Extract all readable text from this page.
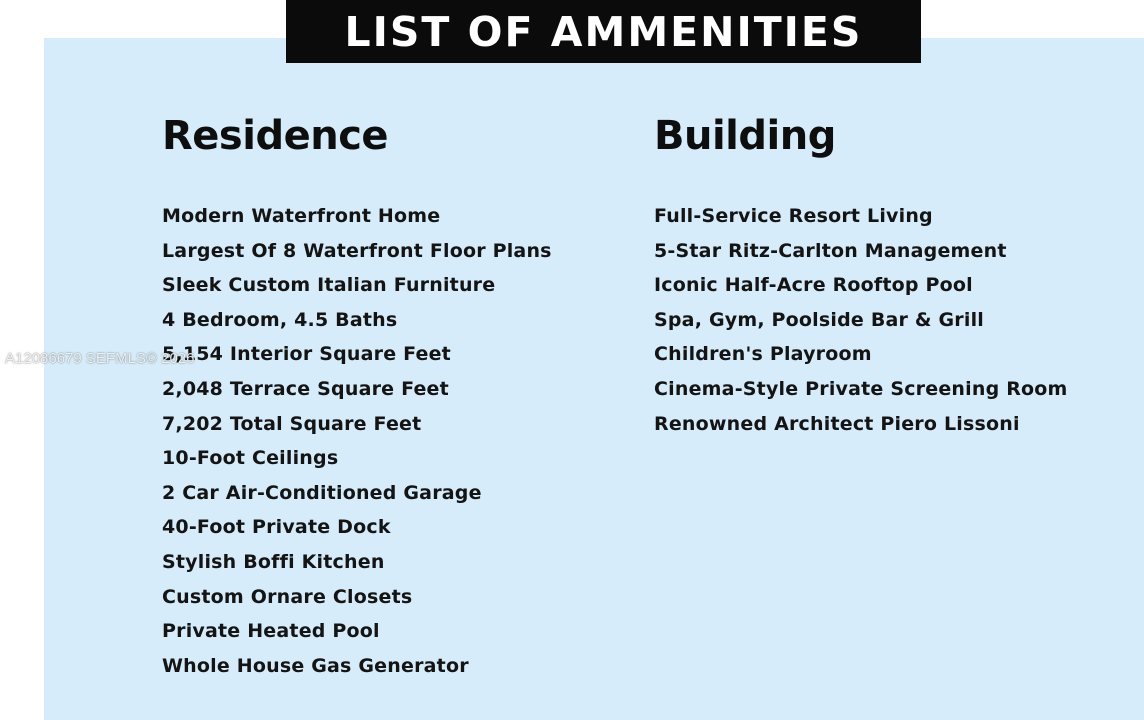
LIST OF AMMENITIES
Residence
Modern Waterfront Home
Largest Of 8 Waterfront Floor Plans
Sleek Custom Italian Furniture
4 Bedroom, 4.5 Baths
5,154 Interior Square Feet
2,048 Terrace Square Feet
7,202 Total Square Feet
10-Foot Ceilings
2 Car Air-Conditioned Garage
40-Foot Private Dock
Stylish Boffi Kitchen
Custom Ornare Closets
Private Heated Pool
Whole House Gas Generator
Building
Full-Service Resort Living
5-Star Ritz-Carlton Management
Iconic Half-Acre Rooftop Pool
Spa, Gym, Poolside Bar & Grill
Children's Playroom
Cinema-Style Private Screening Room
Renowned Architect Piero Lissoni
A12086679 SEFMLS© 2026
